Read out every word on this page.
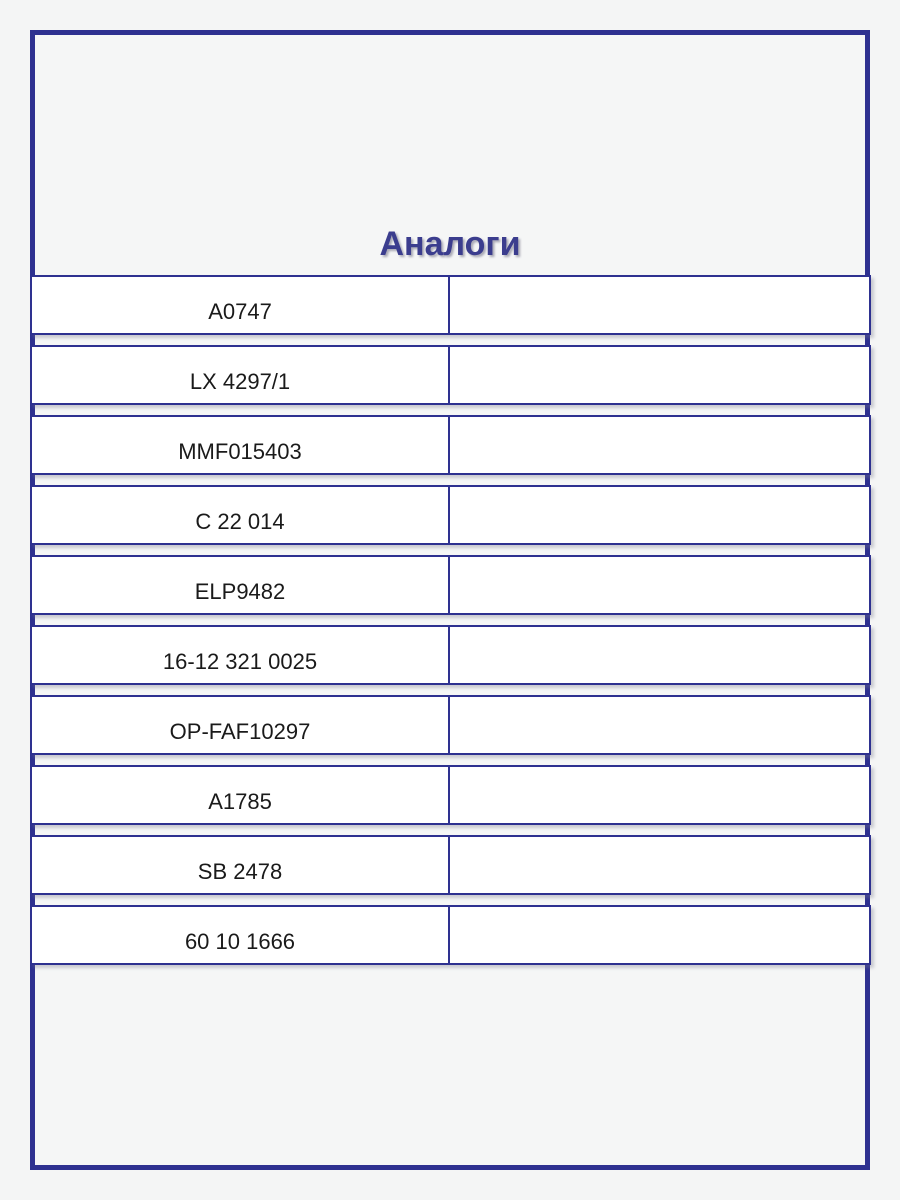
Аналоги
A0747
LX 4297/1
MMF015403
C 22 014
ELP9482
16-12 321 0025
OP-FAF10297
A1785
SB 2478
60 10 1666
